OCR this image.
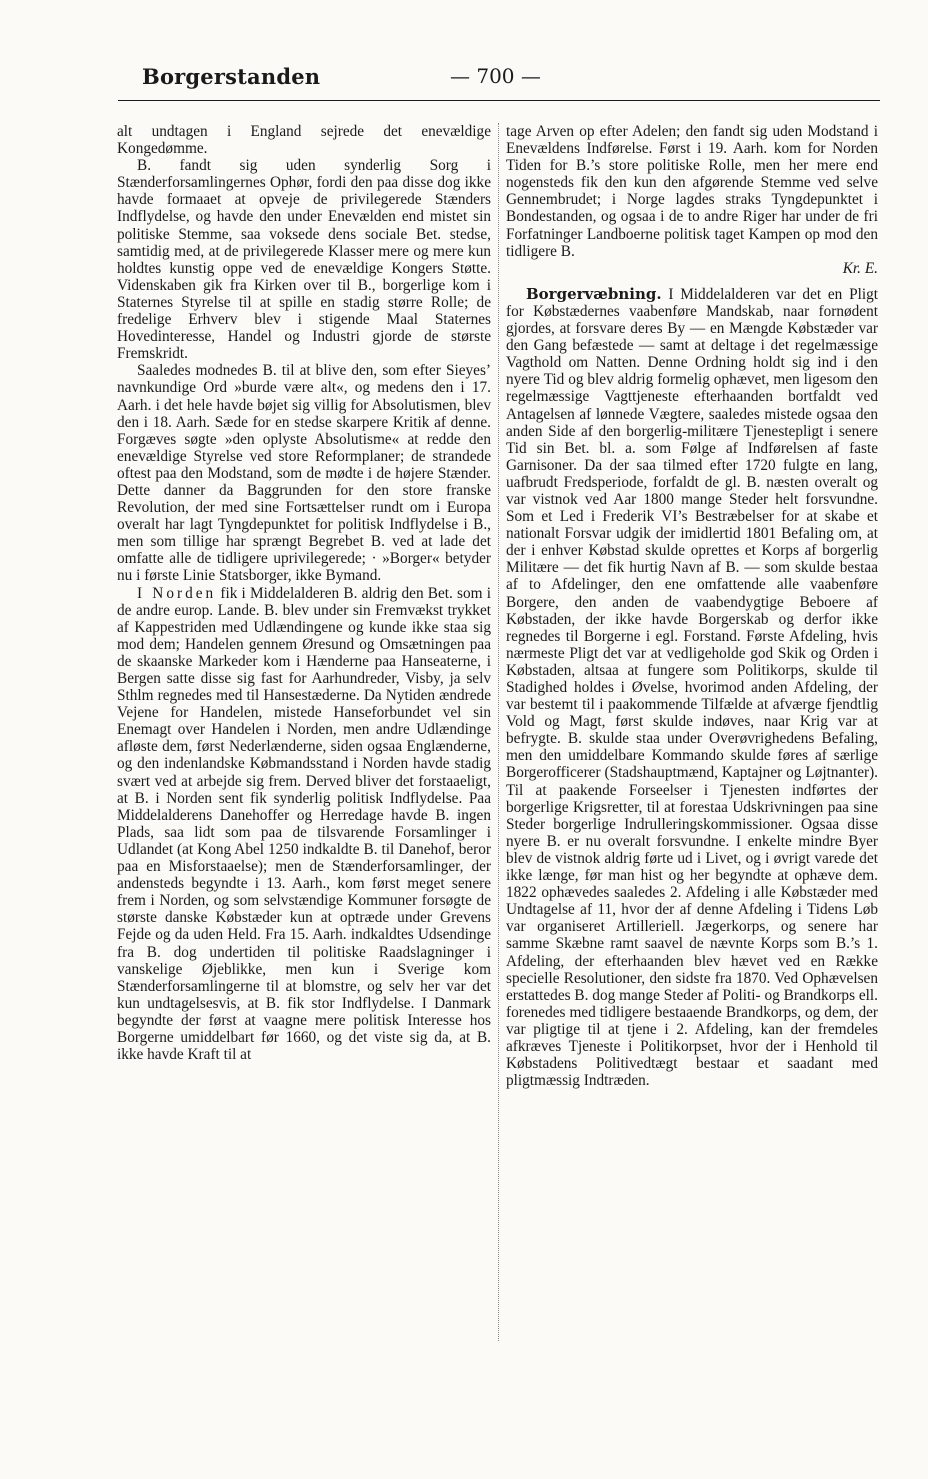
Borgerstanden	— 700 —

alt undtagen i England sejrede det enevældige Kongedømme.

B. fandt sig uden synderlig Sorg i Stænderforsamlingernes Ophør, fordi den paa disse dog ikke havde formaaet at opveje de privilegerede Stænders Indflydelse, og havde den under Enevælden end mistet sin politiske Stemme, saa voksede dens sociale Bet. stedse, samtidig med, at de privilegerede Klasser mere og mere kun holdtes kunstig oppe ved de enevældige Kongers Støtte. Videnskaben gik fra Kirken over til B., borgerlige kom i Staternes Styrelse til at spille en stadig større Rolle; de fredelige Erhverv blev i stigende Maal Staternes Hovedinteresse, Handel og Industri gjorde de største Fremskridt.

Saaledes modnedes B. til at blive den, som efter Sieyes’ navnkundige Ord »burde være alt«, og medens den i 17. Aarh. i det hele havde bøjet sig villig for Absolutismen, blev den i 18. Aarh. Sæde for en stedse skarpere Kritik af denne. Forgæves søgte »den oplyste Absolutisme« at redde den enevældige Styrelse ved store Reformplaner; de strandede oftest paa den Modstand, som de mødte i de højere Stænder. Dette danner da Baggrunden for den store franske Revolution, der med sine Fortsættelser rundt om i Europa overalt har lagt Tyngdepunktet for politisk Indflydelse i B., men som tillige har sprængt Begrebet B. ved at lade det omfatte alle de tidligere uprivilegerede; · »Borger« betyder nu i første Linie Statsborger, ikke Bymand.

I Norden fik i Middelalderen B. aldrig den Bet. som i de andre europ. Lande. B. blev under sin Fremvækst trykket af Kappestriden med Udlændingene og kunde ikke staa sig mod dem; Handelen gennem Øresund og Omsætningen paa de skaanske Markeder kom i Hænderne paa Hanseaterne, i Bergen satte disse sig fast for Aarhundreder, Visby, ja selv Sthlm regnedes med til Hansestæderne. Da Nytiden ændrede Vejene for Handelen, mistede Hanseforbundet vel sin Enemagt over Handelen i Norden, men andre Udlændinge afløste dem, først Nederlænderne, siden ogsaa Englænderne, og den indenlandske Købmandsstand i Norden havde stadig svært ved at arbejde sig frem. Derved bliver det forstaaeligt, at B. i Norden sent fik synderlig politisk Indflydelse. Paa Middelalderens Danehoffer og Herredage havde B. ingen Plads, saa lidt som paa de tilsvarende Forsamlinger i Udlandet (at Kong Abel 1250 indkaldte B. til Danehof, beror paa en Misforstaaelse); men de Stænderforsamlinger, der andensteds begyndte i 13. Aarh., kom først meget senere frem i Norden, og som selvstændige Kommuner forsøgte de største danske Købstæder kun at optræde under Grevens Fejde og da uden Held. Fra 15. Aarh. indkaldtes Udsendinge fra B. dog undertiden til politiske Raadslagninger i vanskelige Øjeblikke, men kun i Sverige kom Stænderforsamlingerne til at blomstre, og selv her var det kun undtagelsesvis, at B. fik stor Indflydelse. I Danmark begyndte der først at vaagne mere politisk Interesse hos Borgerne umiddelbart før 1660, og det viste sig da, at B. ikke havde Kraft til at

tage Arven op efter Adelen; den fandt sig uden Modstand i Enevældens Indførelse. Først i 19. Aarh. kom for Norden Tiden for B.’s store politiske Rolle, men her mere end nogensteds fik den kun den afgørende Stemme ved selve Gennembrudet; i Norge lagdes straks Tyngdepunktet i Bondestanden, og ogsaa i de to andre Riger har under de fri Forfatninger Landboerne politisk taget Kampen op mod den tidligere B.

Kr. E.

Borgervæbning. I Middelalderen var det en Pligt for Købstædernes vaabenføre Mandskab, naar fornødent gjordes, at forsvare deres By — en Mængde Købstæder var den Gang befæstede — samt at deltage i det regelmæssige Vagthold om Natten. Denne Ordning holdt sig ind i den nyere Tid og blev aldrig formelig ophævet, men ligesom den regelmæssige Vagttjeneste efterhaanden bortfaldt ved Antagelsen af lønnede Vægtere, saaledes mistede ogsaa den anden Side af den borgerlig-militære Tjenestepligt i senere Tid sin Bet. bl. a. som Følge af Indførelsen af faste Garnisoner. Da der saa tilmed efter 1720 fulgte en lang, uafbrudt Fredsperiode, forfaldt de gl. B. næsten overalt og var vistnok ved Aar 1800 mange Steder helt forsvundne. Som et Led i Frederik VI’s Bestræbelser for at skabe et nationalt Forsvar udgik der imidlertid 1801 Befaling om, at der i enhver Købstad skulde oprettes et Korps af borgerlig Militære — det fik hurtig Navn af B. — som skulde bestaa af to Afdelinger, den ene omfattende alle vaabenføre Borgere, den anden de vaabendygtige Beboere af Købstaden, der ikke havde Borgerskab og derfor ikke regnedes til Borgerne i egl. Forstand. Første Afdeling, hvis nærmeste Pligt det var at vedligeholde god Skik og Orden i Købstaden, altsaa at fungere som Politikorps, skulde til Stadighed holdes i Øvelse, hvorimod anden Afdeling, der var bestemt til i paakommende Tilfælde at afværge fjendtlig Vold og Magt, først skulde indøves, naar Krig var at befrygte. B. skulde staa under Overøvrighedens Befaling, men den umiddelbare Kommando skulde føres af særlige Borgerofficerer (Stadshauptmænd, Kaptajner og Løjtnanter). Til at paakende Forseelser i Tjenesten indførtes der borgerlige Krigsretter, til at forestaa Udskrivningen paa sine Steder borgerlige Indrulleringskommissioner. Ogsaa disse nyere B. er nu overalt forsvundne. I enkelte mindre Byer blev de vistnok aldrig førte ud i Livet, og i øvrigt varede det ikke længe, før man hist og her begyndte at ophæve dem. 1822 ophævedes saaledes 2. Afdeling i alle Købstæder med Undtagelse af 11, hvor der af denne Afdeling i Tidens Løb var organiseret Artilleriell. Jægerkorps, og senere har samme Skæbne ramt saavel de nævnte Korps som B.’s 1. Afdeling, der efterhaanden blev hævet ved en Række specielle Resolutioner, den sidste fra 1870. Ved Ophævelsen erstattedes B. dog mange Steder af Politi- og Brandkorps ell. forenedes med tidligere bestaaende Brandkorps, og dem, der var pligtige til at tjene i 2. Afdeling, kan der fremdeles afkræves Tjeneste i Politikorpset, hvor der i Henhold til Købstadens Politivedtægt bestaar et saadant med pligtmæssig Indtræden.
